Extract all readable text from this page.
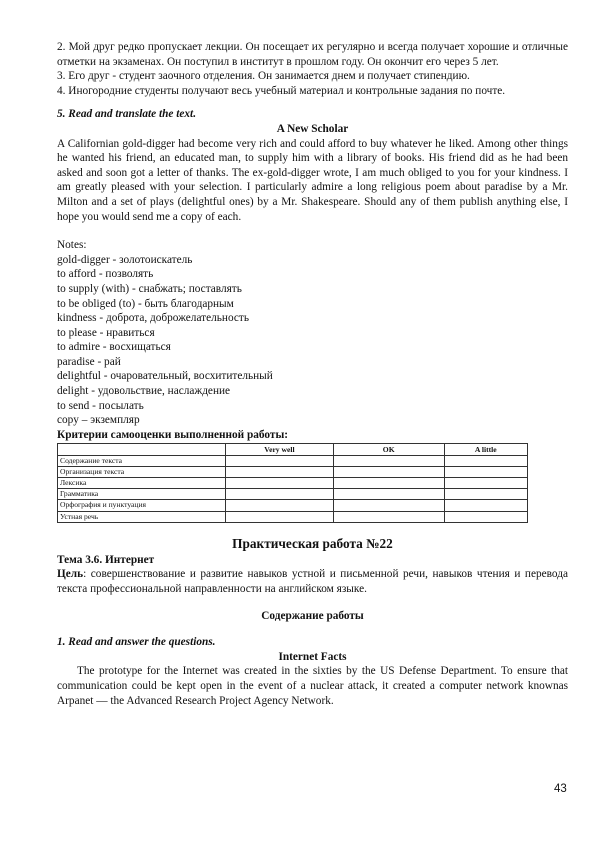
2. Мой друг редко пропускает лекции. Он посещает их регулярно и всегда получает хорошие и отличные отметки на экзаменах. Он поступил в институт в прошлом году. Он окончит его через 5 лет.

3. Его друг - студент заочного отделения. Он занимается днем и получает стипендию.

4. Иногородние студенты получают весь учебный материал и контрольные задания по почте.

5. Read and translate the text.

A New Scholar

A Californian gold-digger had become very rich and could afford to buy whatever he liked. Among other things he wanted his friend, an educated man, to supply him with a library of books. His friend did as he had been asked and soon got a letter of thanks. The ex-gold-digger wrote, I am much obliged to you for your kindness. I am greatly pleased with your selection. I particularly admire a long religious poem about paradise by a Mr. Milton and a set of plays (delightful ones) by a Mr. Shakespeare. Should any of them publish anything else, I hope you would send me a copy of each.

Notes:

gold-digger - золотоискатель

to afford - позволять

to supply (with) - снабжать; поставлять

to be obliged (to) - быть благодарным

kindness - доброта, доброжелательность

to please - нравиться

to admire - восхищаться

paradise - рай

delightful - очаровательный, восхитительный

delight - удовольствие, наслаждение

to send - посылать

copy – экземпляр

Критерии самооценки выполненной работы:

	Very well	OK	A little
Содержание текста			
Организация текста			
Лексика			
Грамматика			
Орфография и пунктуация			
Устная речь			

Практическая работа №22

Тема 3.6. Интернет

Цель: совершенствование и развитие навыков устной и письменной речи, навыков чтения и перевода текста профессиональной направленности на английском языке.

Содержание работы

1. Read and answer the questions.

Internet Facts

The prototype for the Internet was created in the sixties by the US Defense Department. To ensure that communication could be kept open in the event of a nuclear attack, it created a computer network knownas Arpanet — the Advanced Research Project Agency Network.

43
